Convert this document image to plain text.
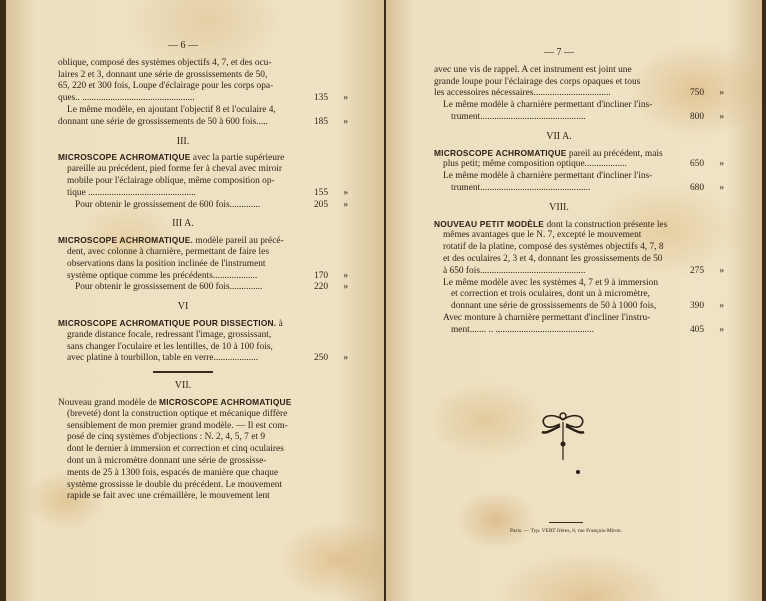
— 6 —
oblique, composé des systèmes objectifs 4, 7, et des ocu-
laires 2 et 3, donnant une série de grossissements de 50,
65, 220 et 300 fois, Loupe d'éclairage pour les corps opa-
ques.. ................................................	135	»
Le même modèle, en ajoutant l'objectif 8 et l'oculaire 4,
donnant une série de grossissements de 50 à 600 fois.....	185	»
III.
MICROSCOPE ACHROMATIQUE avec la partie supérieure
pareille au précédent, pied forme fer à cheval avec miroir
mobile pour l'éclairage oblique, même composition op-
tique ..............................................	155	»
Pour obtenir le grossissement de 600 fois.............	205	»
III A.
MICROSCOPE ACHROMATIQUE. modèle pareil au précé-
dent, avec colonne à charnière, permettant de faire les
observations dans la position inclinée de l'instrument
système optique comme les précédents...................	170	»
Pour obtenir le grossissement de 600 fois..............	220	»
VI
MICROSCOPE ACHROMATIQUE POUR DISSECTION. à
grande distance focale, redressant l'image, grossissant,
sans changer l'oculaire et les lentilles, de 10 à 100 fois,
avec platine à tourbillon, table en verre...................	250	»
VII.
Nouveau grand modèle de MICROSCOPE ACHROMATIQUE
(breveté) dont la construction optique et mécanique diffère
sensiblement de mon premier grand modèle. — Il est com-
posé de cinq systèmes d'objections : N. 2, 4, 5, 7 et 9
dont le dernier à immersion et correction et cinq oculaires
dont un à micromètre donnant une série de grossisse-
ments de 25 à 1300 fois, espacés de manière que chaque
système grossisse le double du précédent. Le mouvement
rapide se fait avec une crémaillère, le mouvement lent
— 7 —
avec une vis de rappel. A cet instrument est joint une
grande loupe pour l'éclairage des corps opaques et tous
les accessoires nécessaires.................................	750	»
Le même modèle à charnière permettant d'incliner l'ins-
trument.............................................	800	»
VII A.
MICROSCOPE ACHROMATIQUE pareil au précédent, mais
plus petit; même composition optique..................	650	»
Le même modèle à charnière permettant d'incliner l'ins-
trument...............................................	680	»
VIII.
NOUVEAU PETIT MODÈLE dont la construction présente les
mêmes avantages que le N. 7, excepté le mouvement
rotatif de la platine, composé des systèmes objectifs 4, 7, 8
et des oculaires 2, 3 et 4, donnant les grossissements de 50
à 650 fois.............................................	275	»
Le même modèle avec les systèmes 4, 7 et 9 à immersion
et correction et trois oculaires, dont un à micromètre,
donnant une série de grossissements de 50 à 1000 fois,	390	»
Avec monture à charnière permettant d'incliner l'instru-
ment....... .. ..........................................	405	»
Paris. — Typ. VERT frères, 8, rue François-Miron.
